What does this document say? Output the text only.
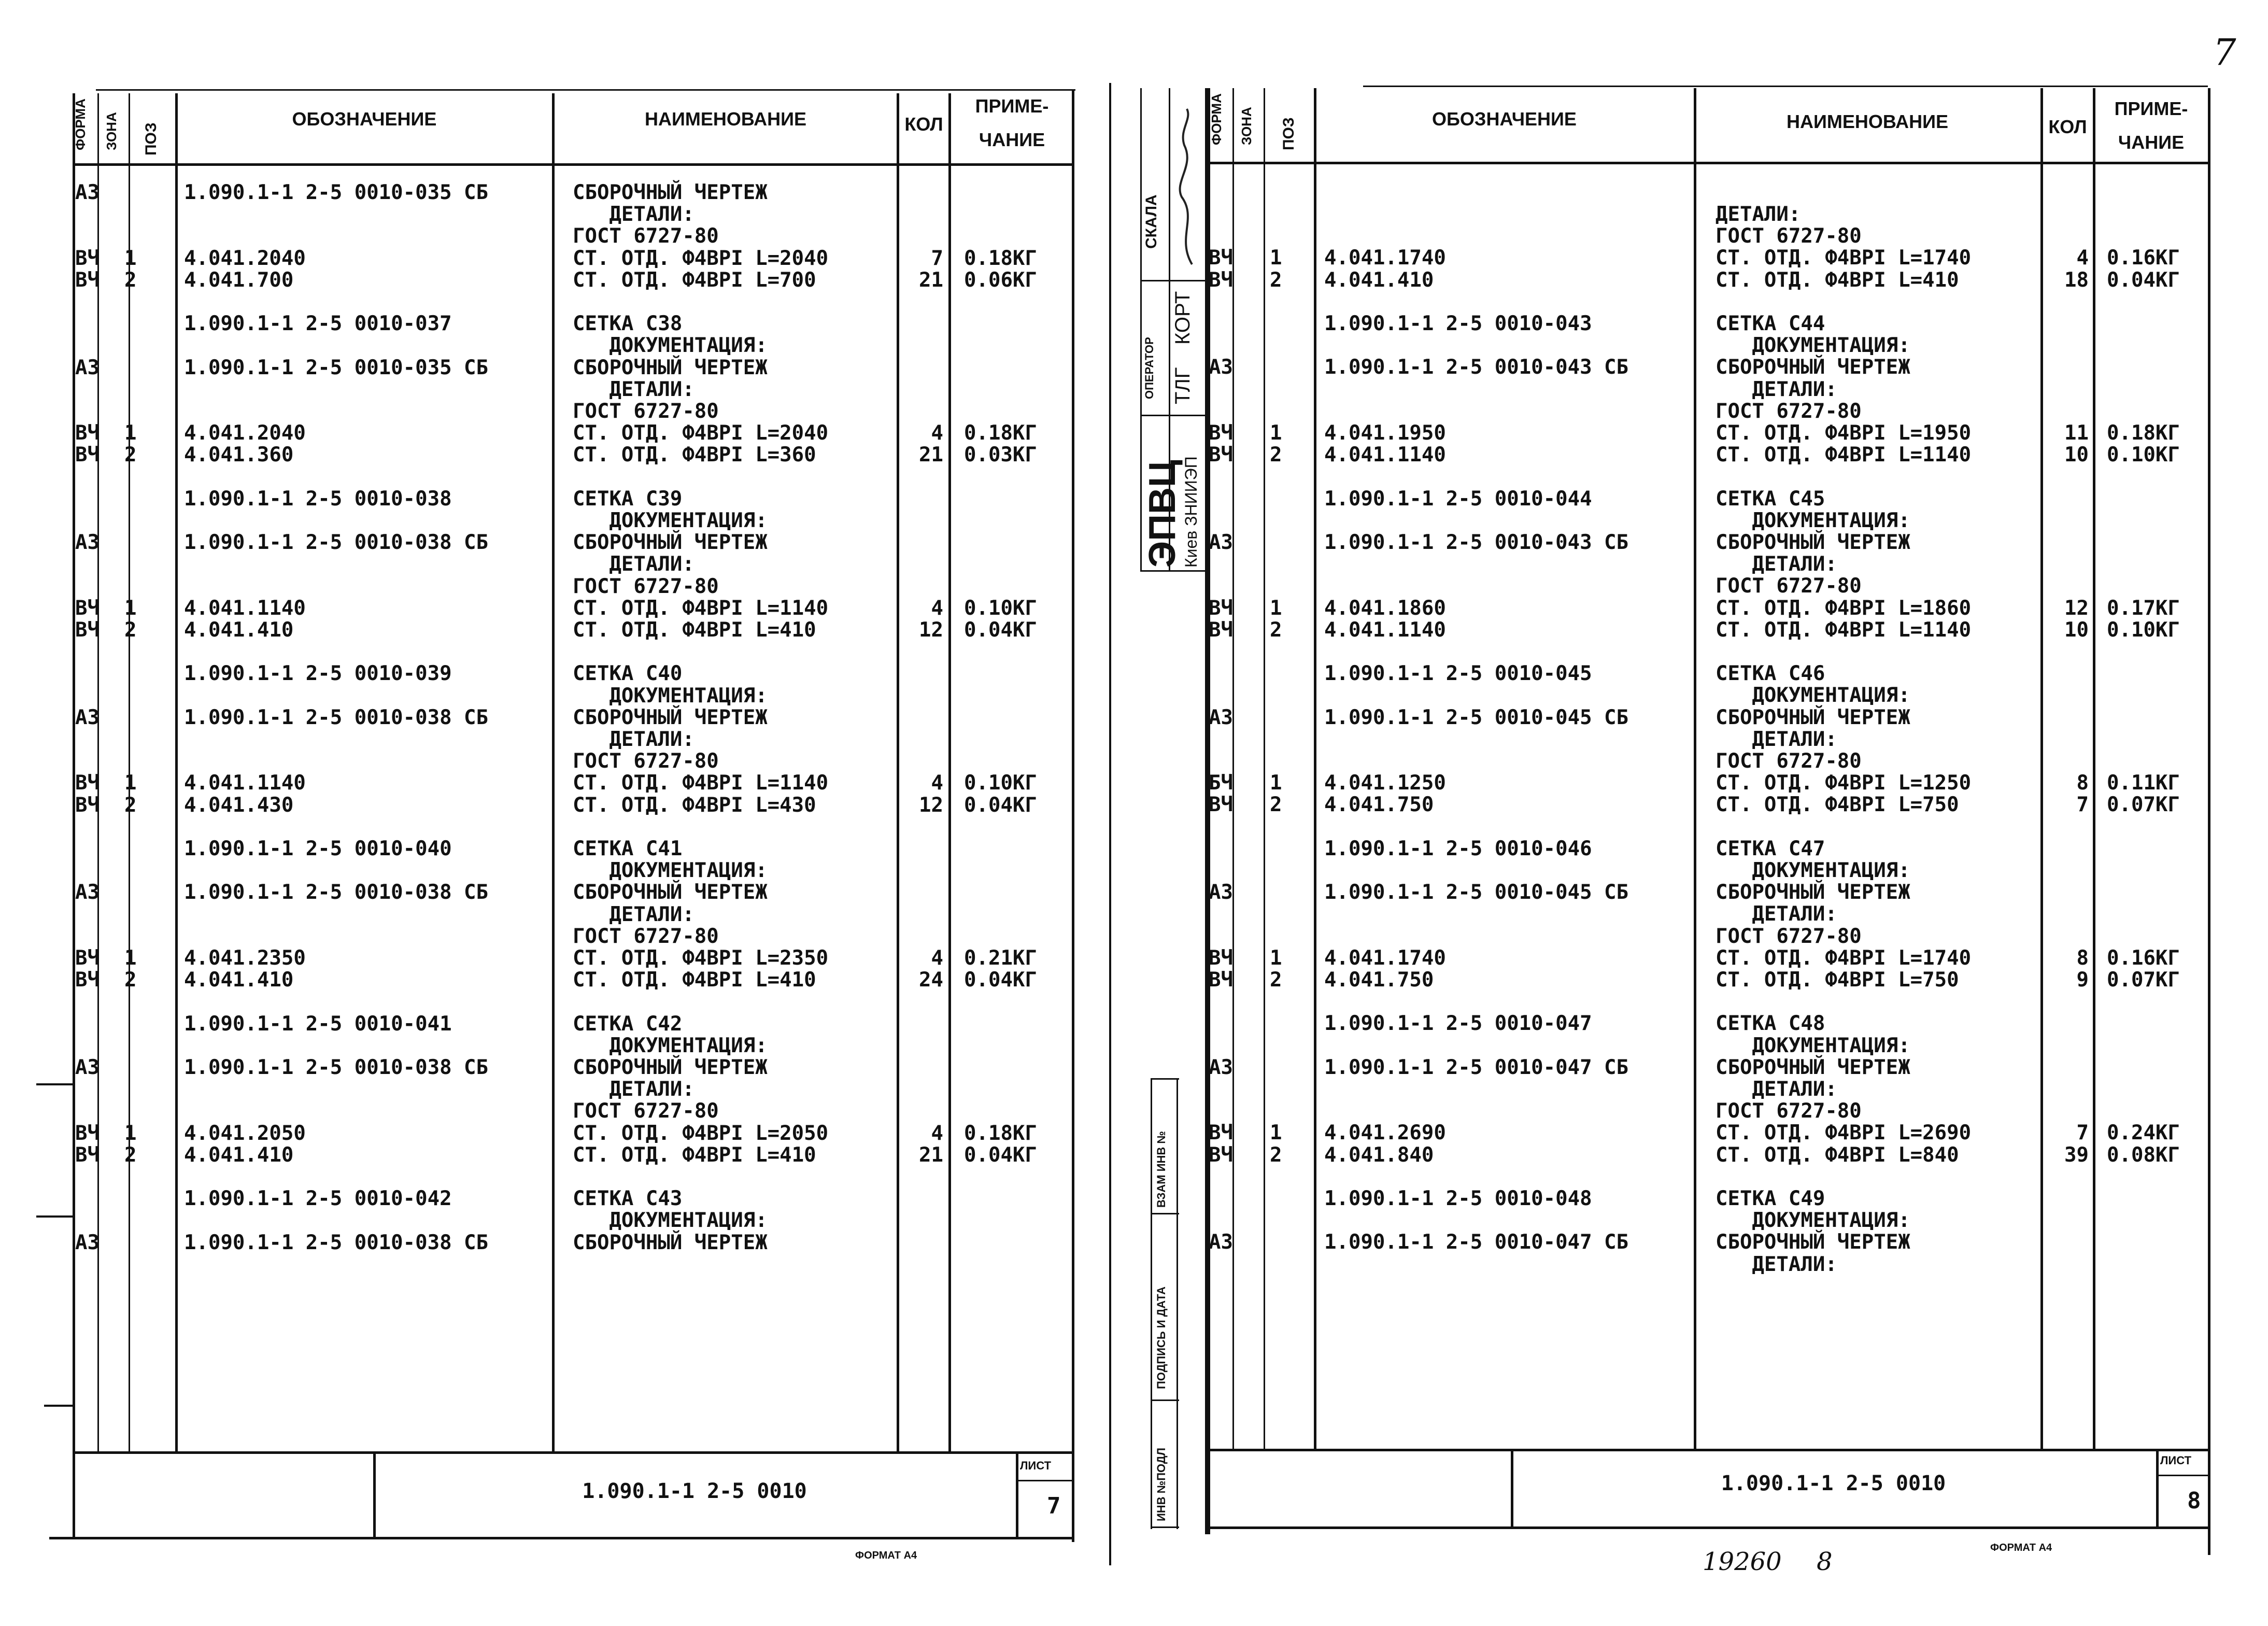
ФОРМА ЗОНА ПОЗ
ОБОЗНАЧЕНИЕ	НАИМЕНОВАНИЕ	КОЛ
ПРИМЕ-
ЧАНИЕ
А3	1.090.1-1 2-5 0010-035 СБ	СБОРОЧНЫЙ ЧЕРТЕЖ
ДЕТАЛИ:
ГОСТ 6727-80
ВЧ 1 4.041.2040	СТ. ОТД. Ф4ВРI L=2040	7 0.18КГ
ВЧ 2 4.041.700	СТ. ОТД. Ф4ВРI L=700	21 0.06КГ
1.090.1-1 2-5 0010-037	СЕТКА С38
ДОКУМЕНТАЦИЯ:
А3	1.090.1-1 2-5 0010-035 СБ	СБОРОЧНЫЙ ЧЕРТЕЖ
ДЕТАЛИ:
ГОСТ 6727-80
ВЧ 1 4.041.2040	СТ. ОТД. Ф4ВРI L=2040	4 0.18КГ
ВЧ 2 4.041.360	СТ. ОТД. Ф4ВРI L=360	21 0.03КГ
1.090.1-1 2-5 0010-038	СЕТКА С39
ДОКУМЕНТАЦИЯ:
А3	1.090.1-1 2-5 0010-038 СБ	СБОРОЧНЫЙ ЧЕРТЕЖ
ДЕТАЛИ:
ГОСТ 6727-80
ВЧ 1 4.041.1140	СТ. ОТД. Ф4ВРI L=1140	4 0.10КГ
ВЧ 2 4.041.410	СТ. ОТД. Ф4ВРI L=410	12 0.04КГ
1.090.1-1 2-5 0010-039	СЕТКА С40
ДОКУМЕНТАЦИЯ:
А3	1.090.1-1 2-5 0010-038 СБ	СБОРОЧНЫЙ ЧЕРТЕЖ
ДЕТАЛИ:
ГОСТ 6727-80
ВЧ 1 4.041.1140	СТ. ОТД. Ф4ВРI L=1140	4 0.10КГ
ВЧ 2 4.041.430	СТ. ОТД. Ф4ВРI L=430	12 0.04КГ
1.090.1-1 2-5 0010-040	СЕТКА С41
ДОКУМЕНТАЦИЯ:
А3	1.090.1-1 2-5 0010-038 СБ	СБОРОЧНЫЙ ЧЕРТЕЖ
ДЕТАЛИ:
ГОСТ 6727-80
ВЧ 1 4.041.2350	СТ. ОТД. Ф4ВРI L=2350	4 0.21КГ
ВЧ 2 4.041.410	СТ. ОТД. Ф4ВРI L=410	24 0.04КГ
1.090.1-1 2-5 0010-041	СЕТКА С42
ДОКУМЕНТАЦИЯ:
А3	1.090.1-1 2-5 0010-038 СБ	СБОРОЧНЫЙ ЧЕРТЕЖ
ДЕТАЛИ:
ГОСТ 6727-80
ВЧ 1 4.041.2050	СТ. ОТД. Ф4ВРI L=2050	4 0.18КГ
ВЧ 2 4.041.410	СТ. ОТД. Ф4ВРI L=410	21 0.04КГ
1.090.1-1 2-5 0010-042	СЕТКА С43
ДОКУМЕНТАЦИЯ:
А3	1.090.1-1 2-5 0010-038 СБ	СБОРОЧНЫЙ ЧЕРТЕЖ
1.090.1-1 2-5 0010
ЛИСТ
7
ФОРМАТ А4
СКАЛА
ОПЕРАТОР ТЛГ
КОРТ
ЭПВЦ
Киев ЗНИИЭП
ВЗАМ ИНВ №
ПОДПИСЬ И ДАТА
ИНВ №ПОДЛ
ФОРМА ЗОНА ПОЗ	ОБОЗНАЧЕНИЕ	НАИМЕНОВАНИЕ	КОЛ
ПРИМЕ-
ЧАНИЕ
ДЕТАЛИ:
ГОСТ 6727-80
ВЧ 1 4.041.1740	СТ. ОТД. Ф4ВРI L=1740	4 0.16КГ
ВЧ 2 4.041.410	СТ. ОТД. Ф4ВРI L=410	18 0.04КГ
1.090.1-1 2-5 0010-043	СЕТКА С44
ДОКУМЕНТАЦИЯ:
А3	1.090.1-1 2-5 0010-043 СБ	СБОРОЧНЫЙ ЧЕРТЕЖ
ДЕТАЛИ:
ГОСТ 6727-80
ВЧ 1 4.041.1950	СТ. ОТД. Ф4ВРI L=1950	11 0.18КГ
ВЧ 2 4.041.1140	СТ. ОТД. Ф4ВРI L=1140	10 0.10КГ
1.090.1-1 2-5 0010-044	СЕТКА С45
ДОКУМЕНТАЦИЯ:
А3	1.090.1-1 2-5 0010-043 СБ	СБОРОЧНЫЙ ЧЕРТЕЖ
ДЕТАЛИ:
ГОСТ 6727-80
ВЧ 1 4.041.1860	СТ. ОТД. Ф4ВРI L=1860	12 0.17КГ
ВЧ 2 4.041.1140	СТ. ОТД. Ф4ВРI L=1140	10 0.10КГ
1.090.1-1 2-5 0010-045	СЕТКА С46
ДОКУМЕНТАЦИЯ:
А3	1.090.1-1 2-5 0010-045 СБ	СБОРОЧНЫЙ ЧЕРТЕЖ
ДЕТАЛИ:
ГОСТ 6727-80
БЧ 1 4.041.1250	СТ. ОТД. Ф4ВРI L=1250	8 0.11КГ
ВЧ 2 4.041.750	СТ. ОТД. Ф4ВРI L=750	7 0.07КГ
1.090.1-1 2-5 0010-046	СЕТКА С47
ДОКУМЕНТАЦИЯ:
А3	1.090.1-1 2-5 0010-045 СБ	СБОРОЧНЫЙ ЧЕРТЕЖ
ДЕТАЛИ:
ГОСТ 6727-80
ВЧ 1 4.041.1740	СТ. ОТД. Ф4ВРI L=1740	8 0.16КГ
ВЧ 2 4.041.750	СТ. ОТД. Ф4ВРI L=750	9 0.07КГ
1.090.1-1 2-5 0010-047	СЕТКА С48
ДОКУМЕНТАЦИЯ:
А3	1.090.1-1 2-5 0010-047 СБ	СБОРОЧНЫЙ ЧЕРТЕЖ
ДЕТАЛИ:
ГОСТ 6727-80
ВЧ 1 4.041.2690	СТ. ОТД. Ф4ВРI L=2690	7 0.24КГ
ВЧ 2 4.041.840	СТ. ОТД. Ф4ВРI L=840	39 0.08КГ
1.090.1-1 2-5 0010-048	СЕТКА С49
ДОКУМЕНТАЦИЯ:
А3	1.090.1-1 2-5 0010-047 СБ	СБОРОЧНЫЙ ЧЕРТЕЖ
ДЕТАЛИ:
1.090.1-1 2-5 0010
ЛИСТ
8
ФОРМАТ А4
19260 8
7
